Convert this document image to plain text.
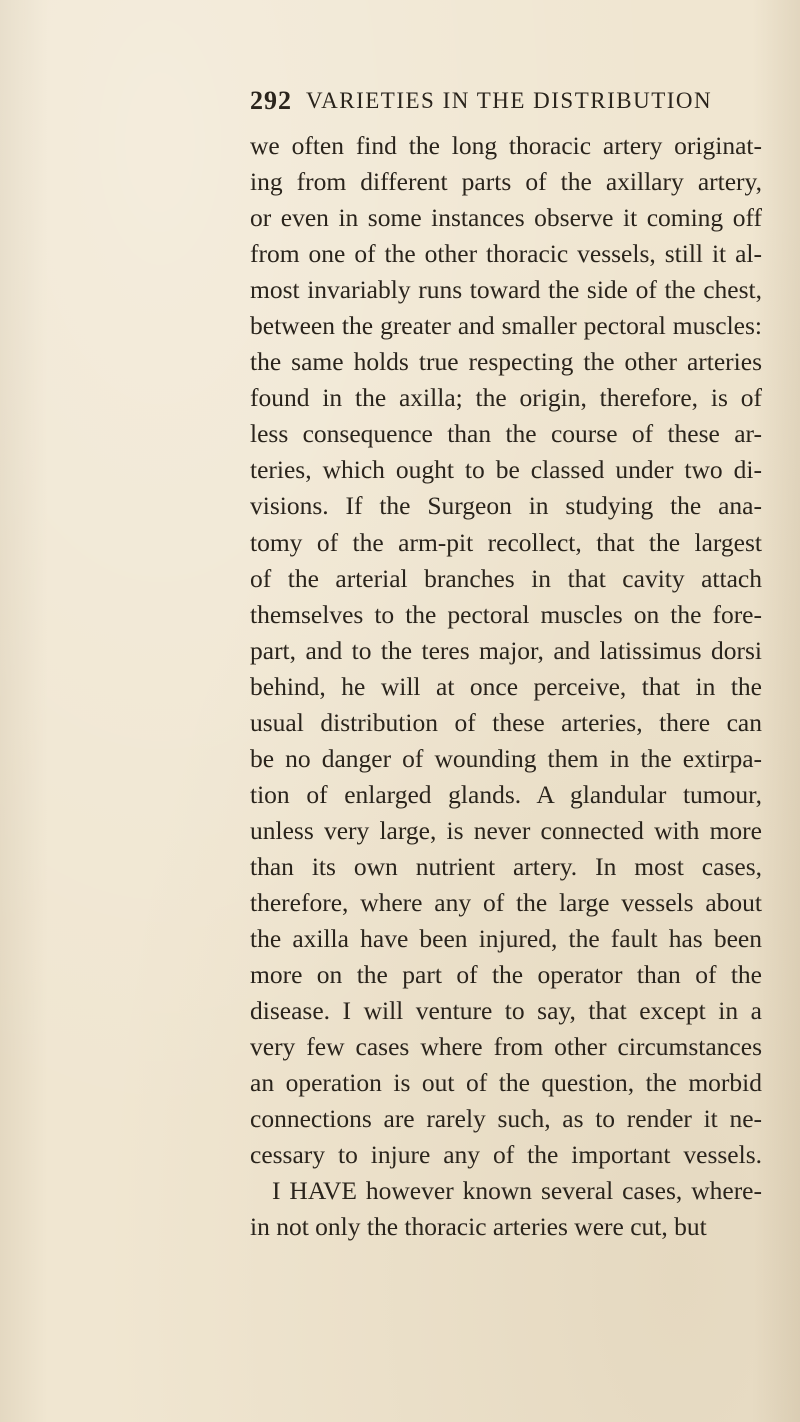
292 VARIETIES IN THE DISTRIBUTION
we often find the long thoracic artery originat-
ing from different parts of the axillary artery,
or even in some instances observe it coming off
from one of the other thoracic vessels, still it al-
most invariably runs toward the side of the chest,
between the greater and smaller pectoral muscles:
the same holds true respecting the other arteries
found in the axilla; the origin, therefore, is of
less consequence than the course of these ar-
teries, which ought to be classed under two di-
visions. If the Surgeon in studying the ana-
tomy of the arm-pit recollect, that the largest
of the arterial branches in that cavity attach
themselves to the pectoral muscles on the fore-
part, and to the teres major, and latissimus dorsi
behind, he will at once perceive, that in the
usual distribution of these arteries, there can
be no danger of wounding them in the extirpa-
tion of enlarged glands. A glandular tumour,
unless very large, is never connected with more
than its own nutrient artery. In most cases,
therefore, where any of the large vessels about
the axilla have been injured, the fault has been
more on the part of the operator than of the
disease. I will venture to say, that except in a
very few cases where from other circumstances
an operation is out of the question, the morbid
connections are rarely such, as to render it ne-
cessary to injure any of the important vessels.
I HAVE however known several cases, where-
in not only the thoracic arteries were cut, but
